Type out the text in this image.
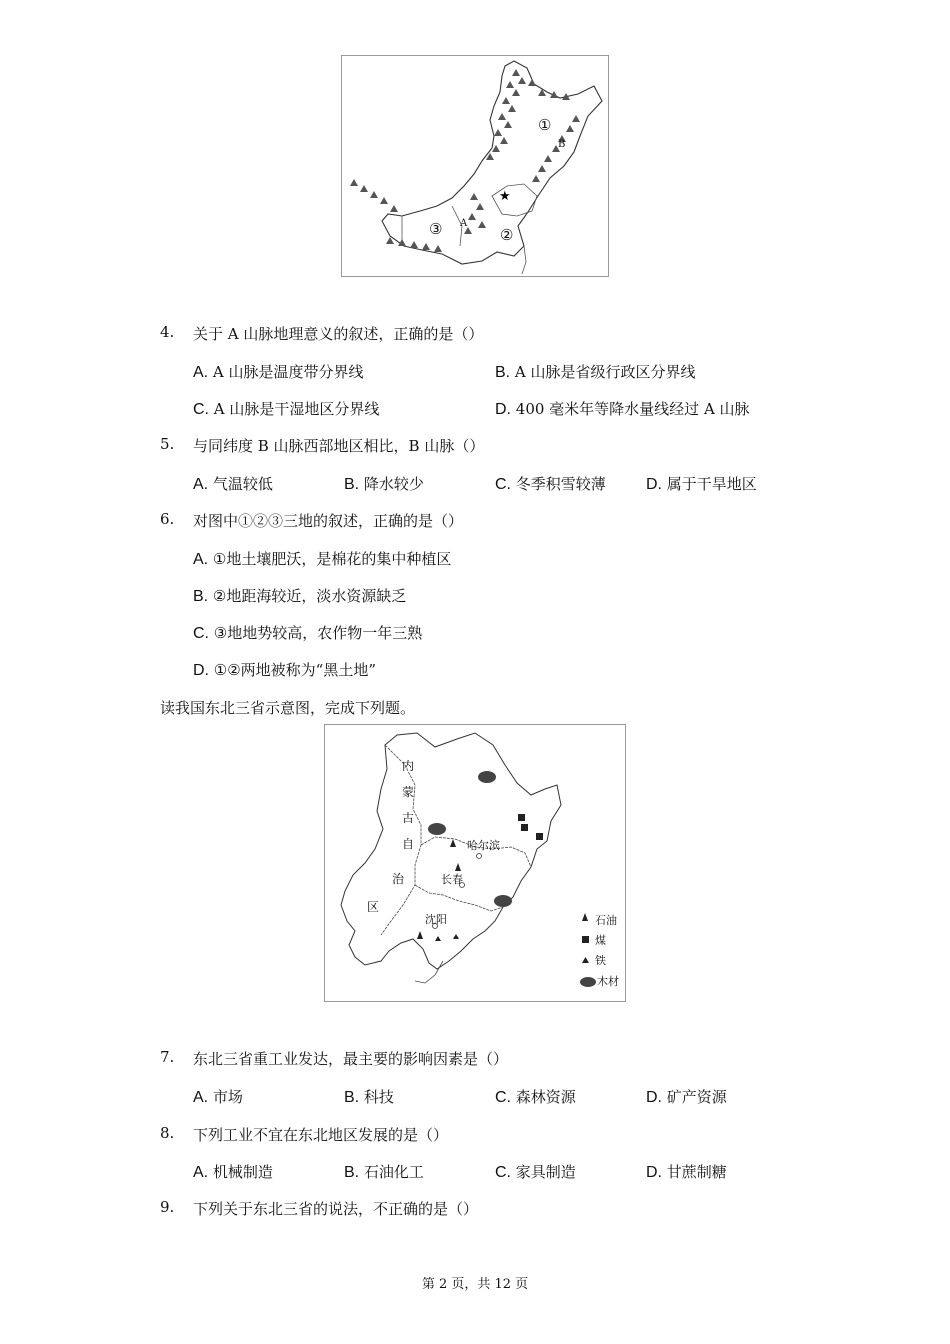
★
A
B
①
②
③
4.	关于 A 山脉地理意义的叙述，正确的是（）
A. A 山脉是温度带分界线	B. A 山脉是省级行政区分界线
C. A 山脉是干湿地区分界线	D. 400 毫米年等降水量线经过 A 山脉
5.	与同纬度 B 山脉西部地区相比，B 山脉（）
A. 气温较低	B. 降水较少	C. 冬季积雪较薄	D. 属于干旱地区
6.	对图中①②③三地的叙述，正确的是（）
A. ①地土壤肥沃，是棉花的集中种植区
B. ②地距海较近，淡水资源缺乏
C. ③地地势较高，农作物一年三熟
D. ①②两地被称为“黑土地”
读我国东北三省示意图，完成下列题。
内
蒙
古
自
治
区
哈尔滨
长春
沈阳	石油
煤
铁
木材
7.	东北三省重工业发达，最主要的影响因素是（）
A. 市场	B. 科技	C. 森林资源	D. 矿产资源
8.	下列工业不宜在东北地区发展的是（）
A. 机械制造	B. 石油化工	C. 家具制造	D. 甘蔗制糖
9.	下列关于东北三省的说法，不正确的是（）
第 2 页，共 12 页
